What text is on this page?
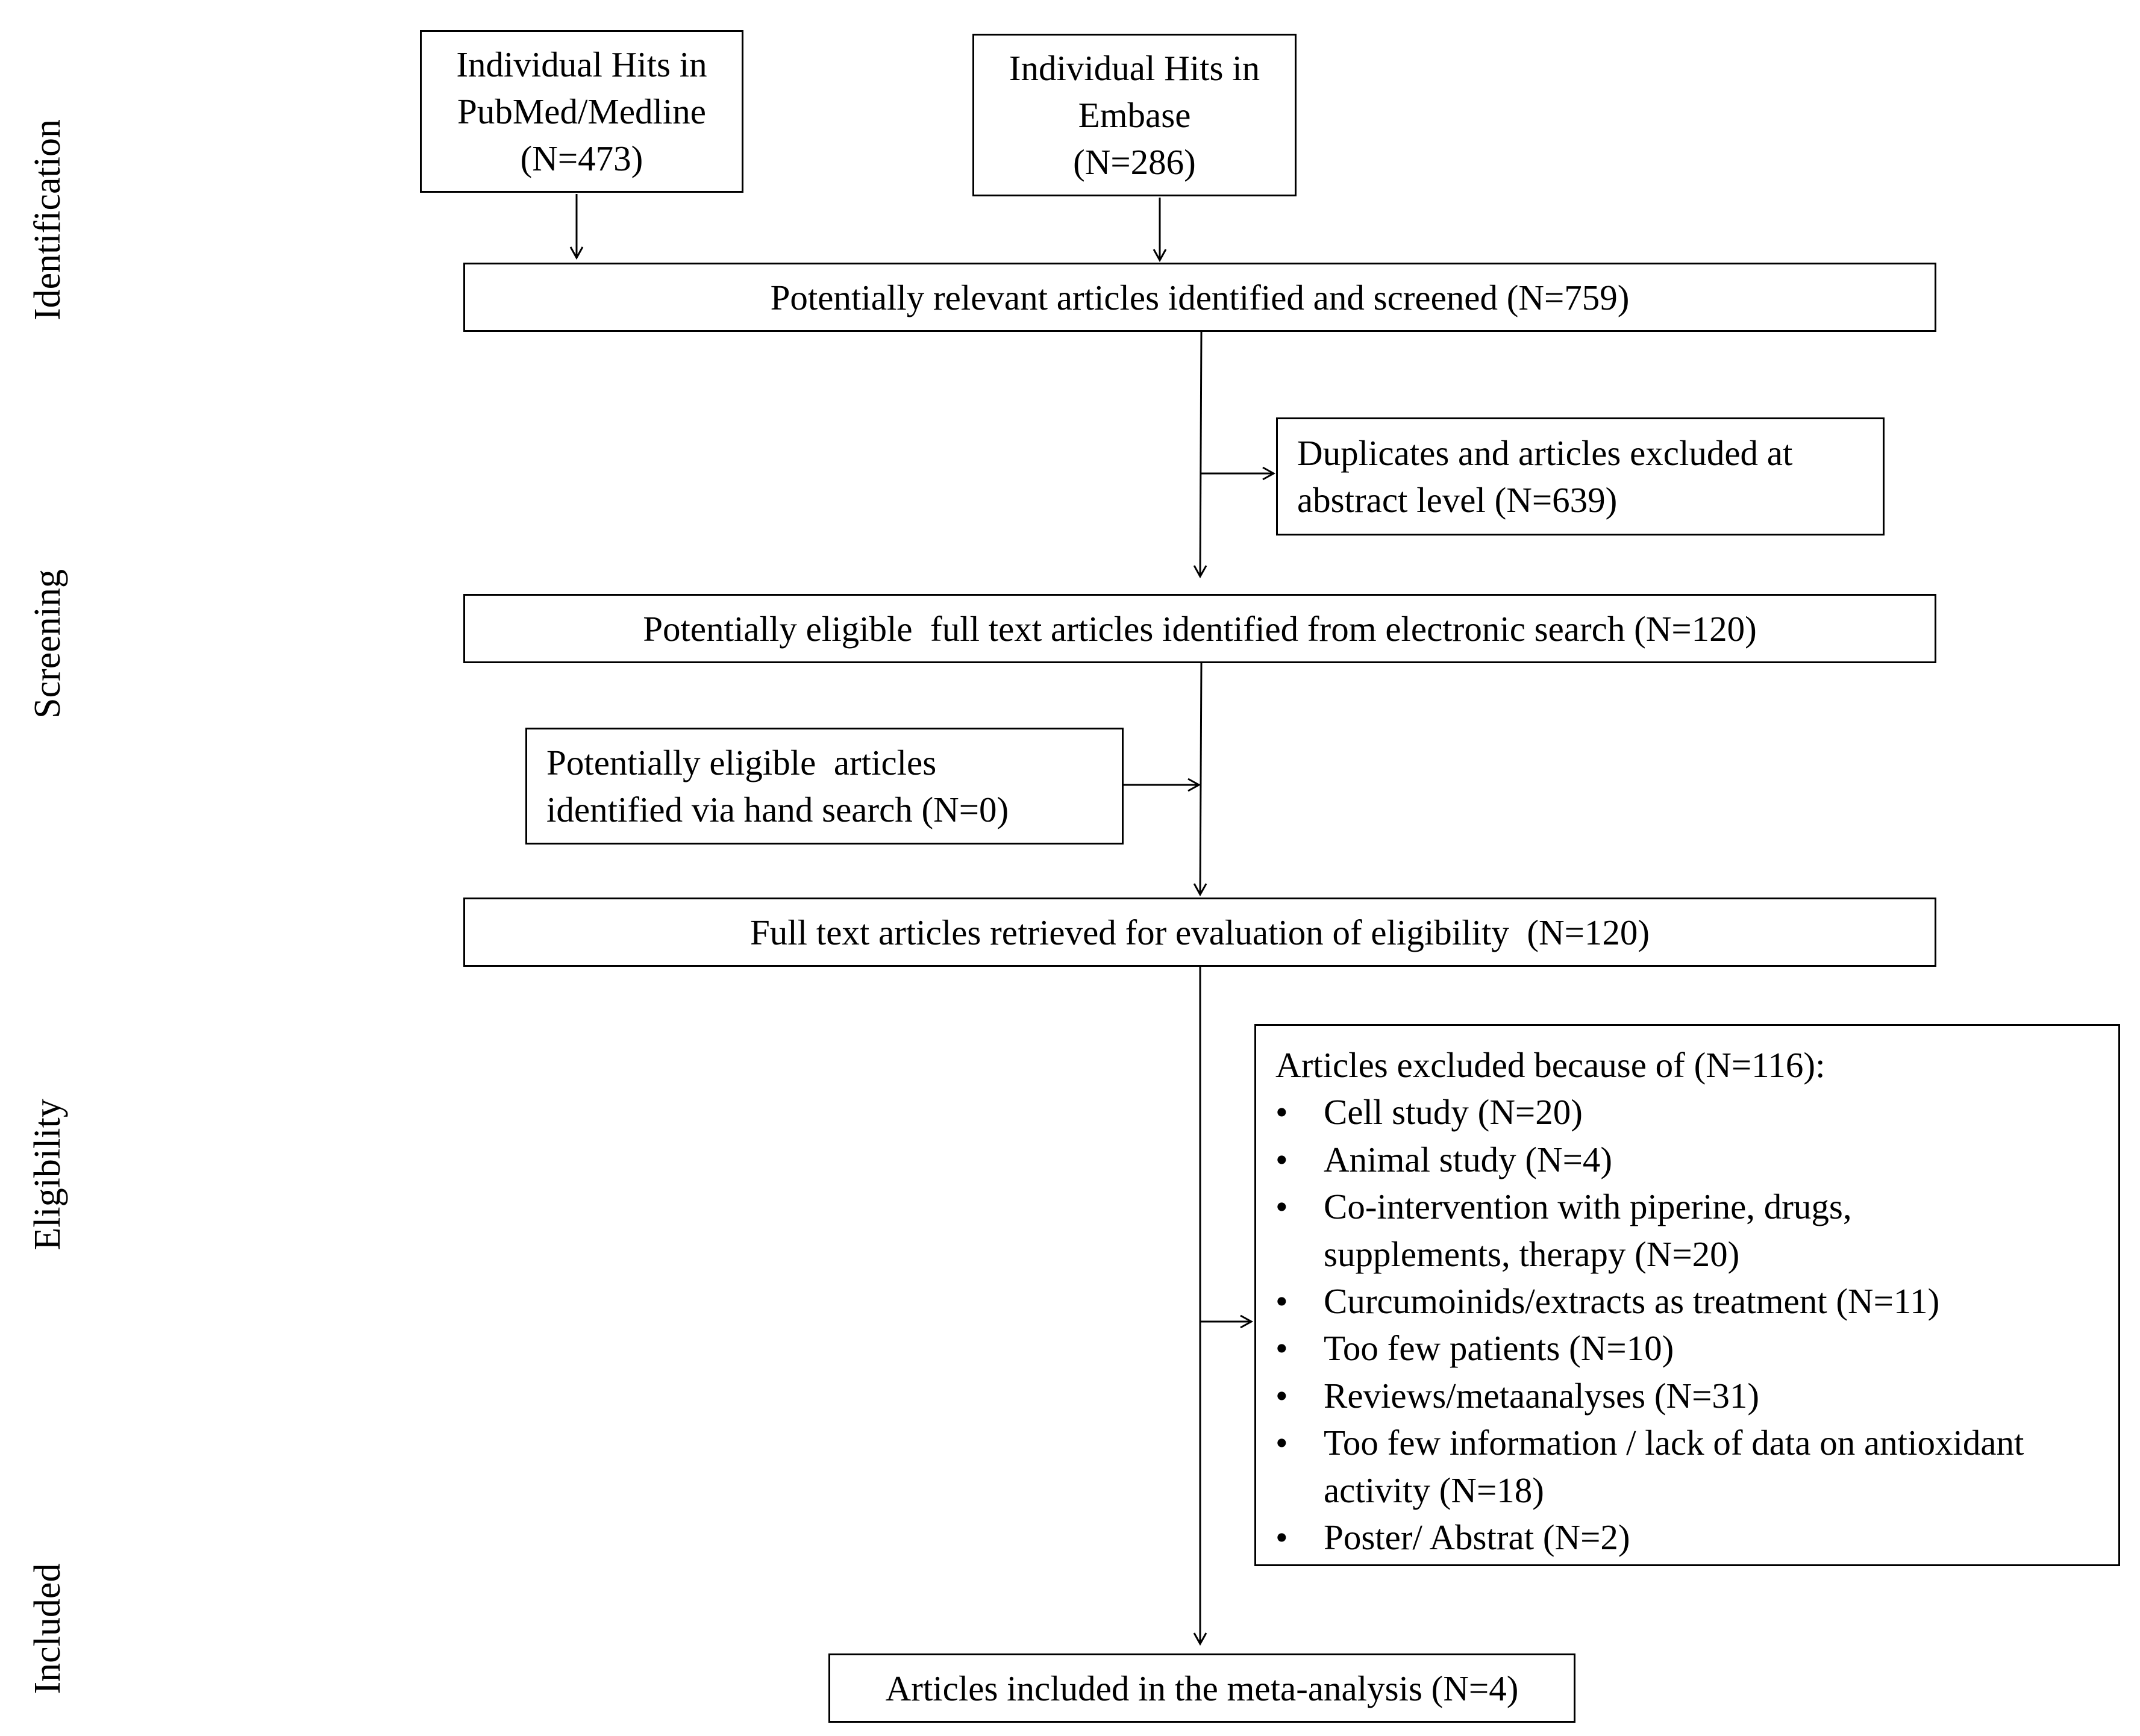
Identification
Screening
Eligibility
Included
Individual Hits in
PubMed/Medline
(N=473)
Individual Hits in
Embase
(N=286)
Potentially relevant articles identified and screened (N=759)
Duplicates and articles excluded at
abstract level (N=639)
Potentially eligible  full text articles identified from electronic search (N=120)
Potentially eligible  articles
identified via hand search (N=0)
Full text articles retrieved for evaluation of eligibility  (N=120)
Articles excluded because of (N=116):
•	Cell study (N=20)
•	Animal study (N=4)
•	Co-intervention with piperine, drugs,
supplements, therapy (N=20)
•	Curcumoinids/extracts as treatment (N=11)
•	Too few patients (N=10)
•	Reviews/metaanalyses (N=31)
•	Too few information / lack of data on antioxidant
activity (N=18)
•	Poster/ Abstrat (N=2)
Articles included in the meta-analysis (N=4)
